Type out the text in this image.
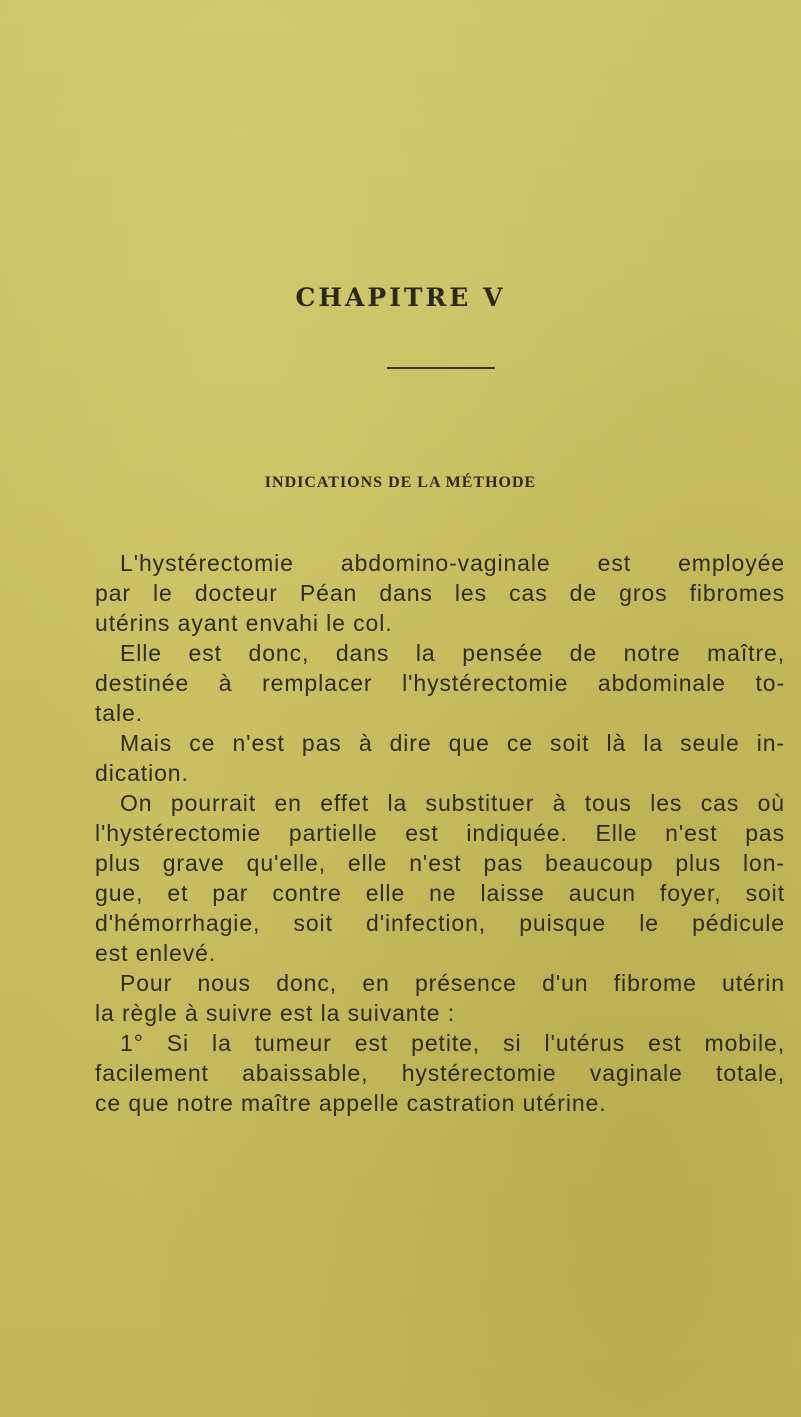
CHAPITRE V
INDICATIONS DE LA MÉTHODE
L'hystérectomie abdomino-vaginale est employée
par le docteur Péan dans les cas de gros fibromes
utérins ayant envahi le col.
Elle est donc, dans la pensée de notre maître,
destinée à remplacer l'hystérectomie abdominale to-
tale.
Mais ce n'est pas à dire que ce soit là la seule in-
dication.
On pourrait en effet la substituer à tous les cas où
l'hystérectomie partielle est indiquée. Elle n'est pas
plus grave qu'elle, elle n'est pas beaucoup plus lon-
gue, et par contre elle ne laisse aucun foyer, soit
d'hémorrhagie, soit d'infection, puisque le pédicule
est enlevé.
Pour nous donc, en présence d'un fibrome utérin
la règle à suivre est la suivante :
1° Si la tumeur est petite, si l'utérus est mobile,
facilement abaissable, hystérectomie vaginale totale,
ce que notre maître appelle castration utérine.
